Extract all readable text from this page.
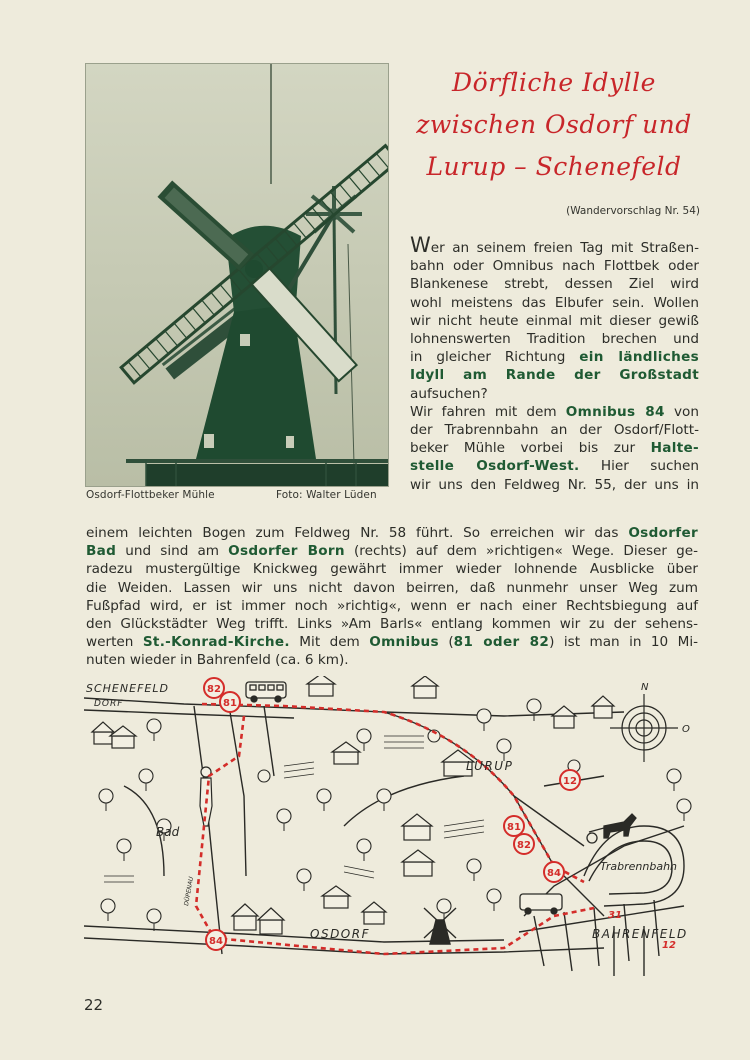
Osdorf-Flottbeker Mühle	Foto: Walter Lüden
Dörfliche Idylle
zwischen Osdorf und
Lurup – Schenefeld
(Wandervorschlag Nr. 54)
Wer an seinem freien Tag mit Straßen-
bahn oder Omnibus nach Flottbek oder
Blankenese strebt, dessen Ziel wird
wohl meistens das Elbufer sein. Wollen
wir nicht heute einmal mit dieser gewiß
lohnenswerten Tradition brechen und
in gleicher Richtung ein ländliches
Idyll am Rande der Großstadt
aufsuchen?
Wir fahren mit dem Omnibus 84 von
der Trabrennbahn an der Osdorf/Flott-
beker Mühle vorbei bis zur Halte-
stelle Osdorf-West. Hier suchen
wir uns den Feldweg Nr. 55, der uns in
einem leichten Bogen zum Feldweg Nr. 58 führt. So erreichen wir das Osdorfer
Bad und sind am Osdorfer Born (rechts) auf dem »richtigen« Wege. Dieser ge-
radezu mustergültige Knickweg gewährt immer wieder lohnende Ausblicke über
die Weiden. Lassen wir uns nicht davon beirren, daß nunmehr unser Weg zum
Fußpfad wird, er ist immer noch »richtig«, wenn er nach einer Rechtsbiegung auf
den Glückstädter Weg trifft. Links »Am Barls« entlang kommen wir zu der sehens-
werten St.-Konrad-Kirche. Mit dem Omnibus (81 oder 82) ist man in 10 Mi-
nuten wieder in Bahrenfeld (ca. 6 km).
N
O
82
81
12
81
82
84
84
31
12
SCHENEFELD
DORF
LURUP
Bad
Trabrennbahn
OSDORF	BAHRENFELD
DÜPENAU
22
